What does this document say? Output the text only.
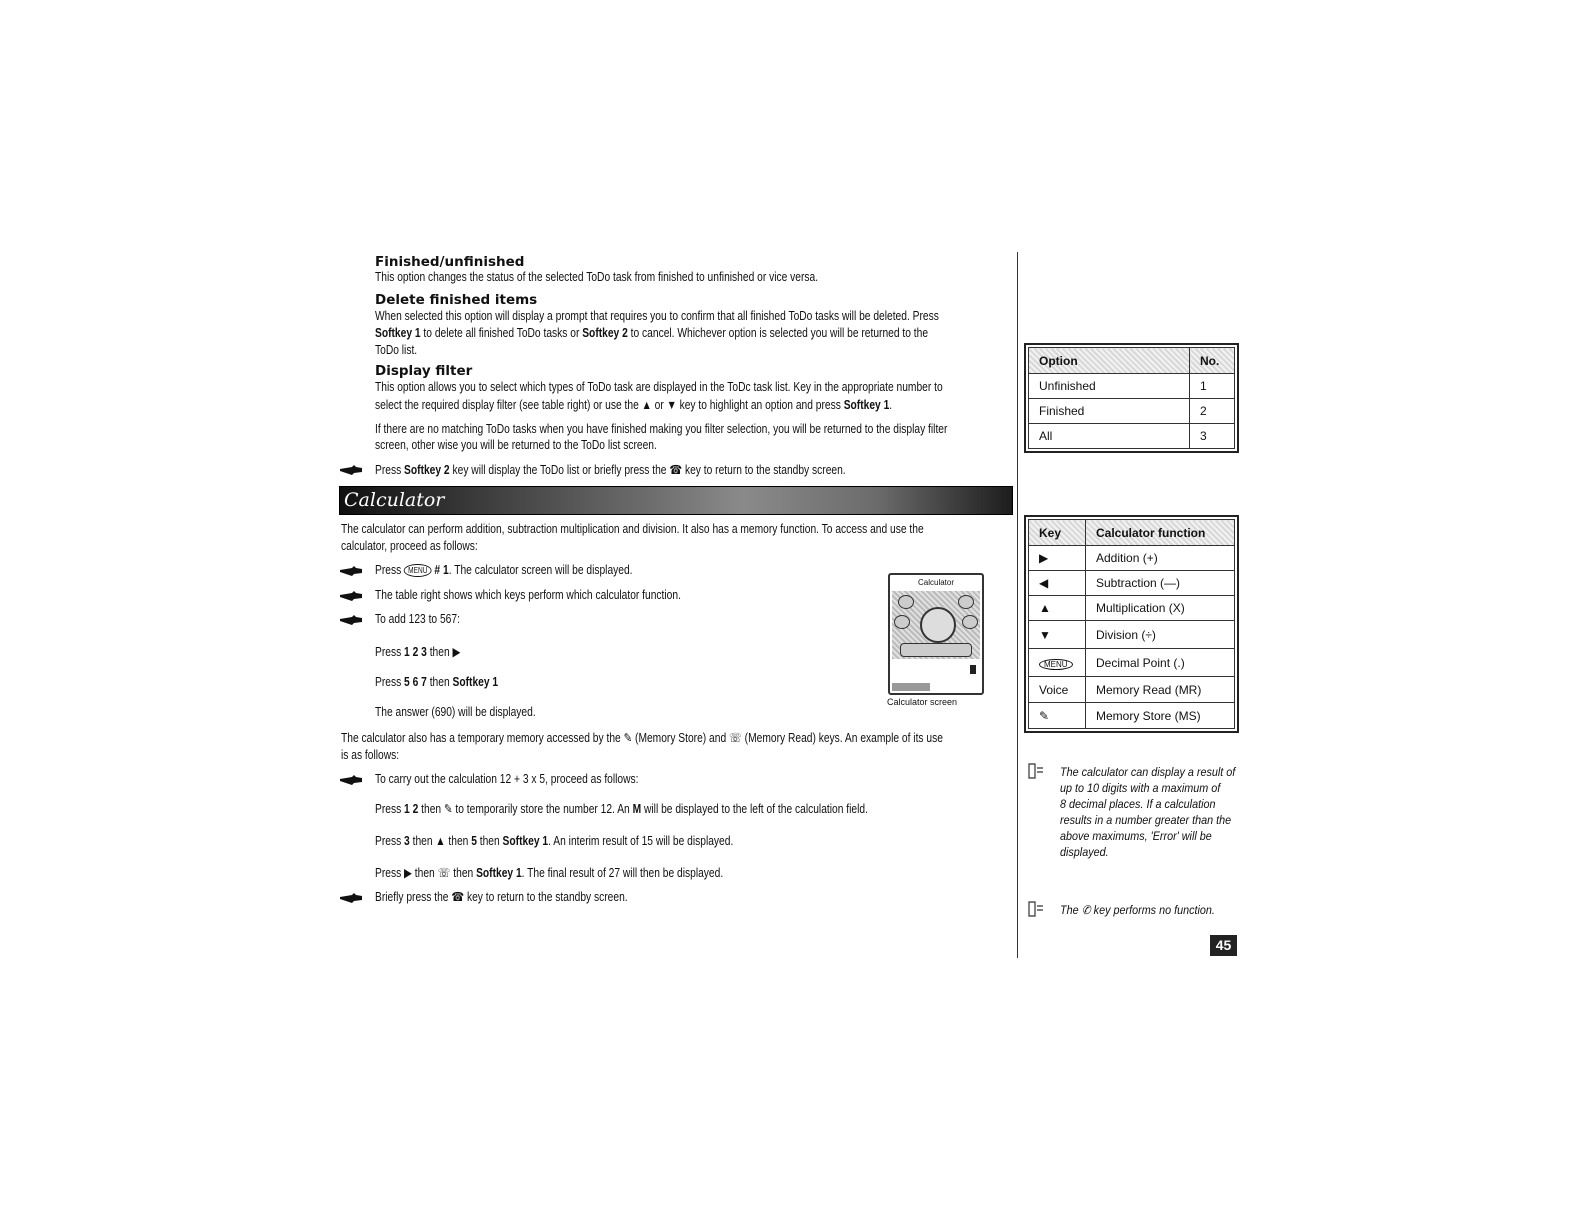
Finished/unfinished
This option changes the status of the selected ToDo task from finished to unfinished or vice versa.
Delete finished items
When selected this option will display a prompt that requires you to confirm that all finished ToDo tasks will be deleted. Press
Softkey 1 to delete all finished ToDo tasks or Softkey 2 to cancel. Whichever option is selected you will be returned to the
ToDo list.
Display filter
This option allows you to select which types of ToDo task are displayed in the ToDc task list. Key in the appropriate number to
select the required display filter (see table right) or use the ▲ or ▼ key to highlight an option and press Softkey 1.
If there are no matching ToDo tasks when you have finished making you filter selection, you will be returned to the display filter
screen, other wise you will be returned to the ToDo list screen.
Press Softkey 2 key will display the ToDo list or briefly press the ☎ key to return to the standby screen.
Calculator
The calculator can perform addition, subtraction multiplication and division. It also has a memory function. To access and use the
calculator, proceed as follows:
Press MENU # 1. The calculator screen will be displayed.
The table right shows which keys perform which calculator function.
To add 123 to 567:
Press 1 2 3 then ▶
Press 5 6 7 then Softkey 1
The answer (690) will be displayed.
Calculator
Calculator screen
The calculator also has a temporary memory accessed by the ✎ (Memory Store) and ☏ (Memory Read) keys. An example of its use
is as follows:
To carry out the calculation 12 + 3 x 5, proceed as follows:
Press 1 2 then ✎ to temporarily store the number 12. An M will be displayed to the left of the calculation field.
Press 3 then ▲ then 5 then Softkey 1. An interim result of 15 will be displayed.
Press ▶ then ☏ then Softkey 1. The final result of 27 will then be displayed.
Briefly press the ☎ key to return to the standby screen.
Option	No.
Unfinished	1
Finished	2
All	3
Key	Calculator function
▶	Addition (+)
◀	Subtraction (—)
▲	Multiplication (X)
▼	Division (÷)
MENU	Decimal Point (.)
Voice	Memory Read (MR)
✎	Memory Store (MS)
The calculator can display a result of
up to 10 digits with a maximum of
8 decimal places. If a calculation
results in a number greater than the
above maximums, 'Error' will be
displayed.
The ✆ key performs no function.
45
